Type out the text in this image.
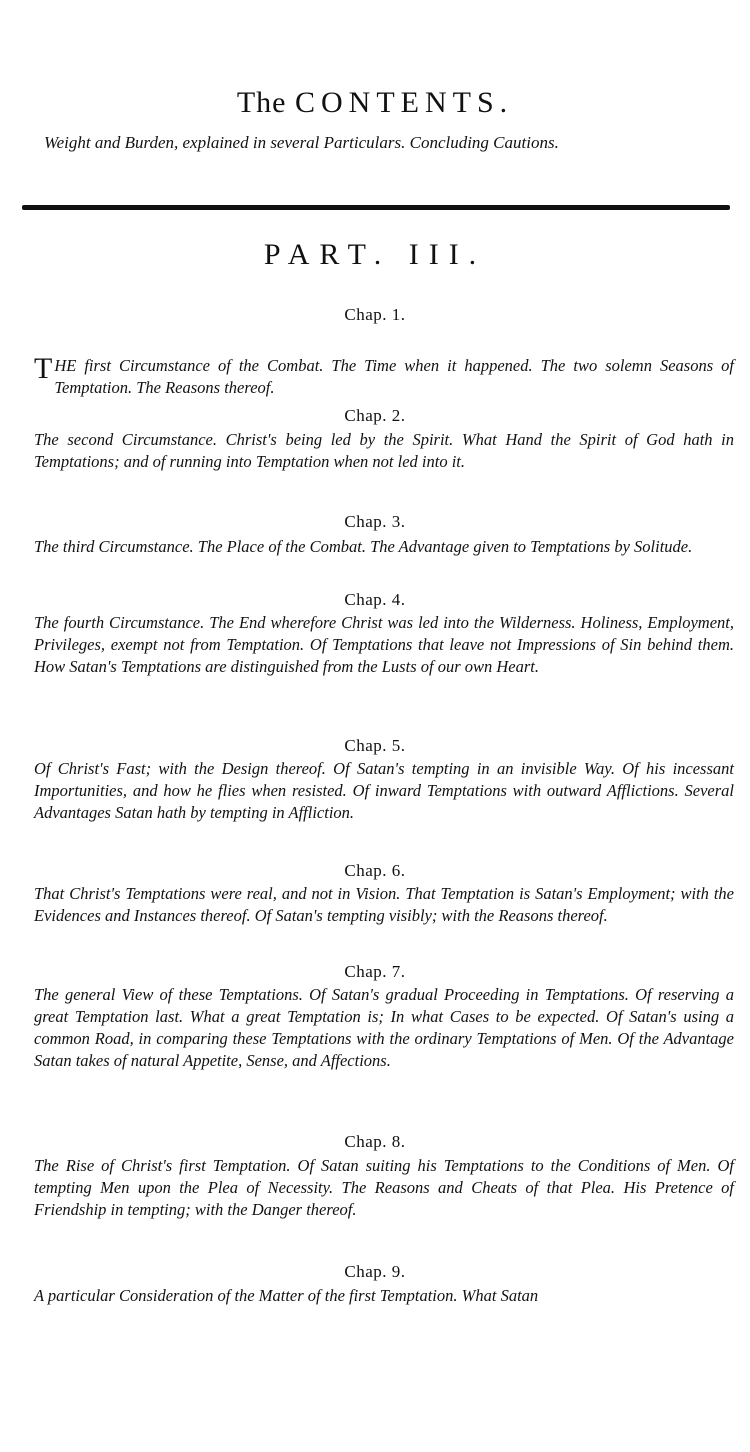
The CONTENTS.
Weight and Burden, explained in several Particulars. Concluding Cautions.
PART. III.
Chap. 1.
THE first Circumstance of the Combat. The Time when it happened. The two solemn Seasons of Temptation. The Reasons thereof.
Chap. 2.
The second Circumstance. Christ's being led by the Spirit. What Hand the Spirit of God hath in Temptations; and of running into Temptation when not led into it.
Chap. 3.
The third Circumstance. The Place of the Combat. The Advantage given to Temptations by Solitude.
Chap. 4.
The fourth Circumstance. The End wherefore Christ was led into the Wilderness. Holiness, Employment, Privileges, exempt not from Temptation. Of Temptations that leave not Impressions of Sin behind them. How Satan's Temptations are distinguished from the Lusts of our own Heart.
Chap. 5.
Of Christ's Fast; with the Design thereof. Of Satan's tempting in an invisible Way. Of his incessant Importunities, and how he flies when resisted. Of inward Temptations with outward Afflictions. Several Advantages Satan hath by tempting in Affliction.
Chap. 6.
That Christ's Temptations were real, and not in Vision. That Temptation is Satan's Employment; with the Evidences and Instances thereof. Of Satan's tempting visibly; with the Reasons thereof.
Chap. 7.
The general View of these Temptations. Of Satan's gradual Proceeding in Temptations. Of reserving a great Temptation last. What a great Temptation is; In what Cases to be expected. Of Satan's using a common Road, in comparing these Temptations with the ordinary Temptations of Men. Of the Advantage Satan takes of natural Appetite, Sense, and Affections.
Chap. 8.
The Rise of Christ's first Temptation. Of Satan suiting his Temptations to the Conditions of Men. Of tempting Men upon the Plea of Necessity. The Reasons and Cheats of that Plea. His Pretence of Friendship in tempting; with the Danger thereof.
Chap. 9.
A particular Consideration of the Matter of the first Temptation. What Satan
